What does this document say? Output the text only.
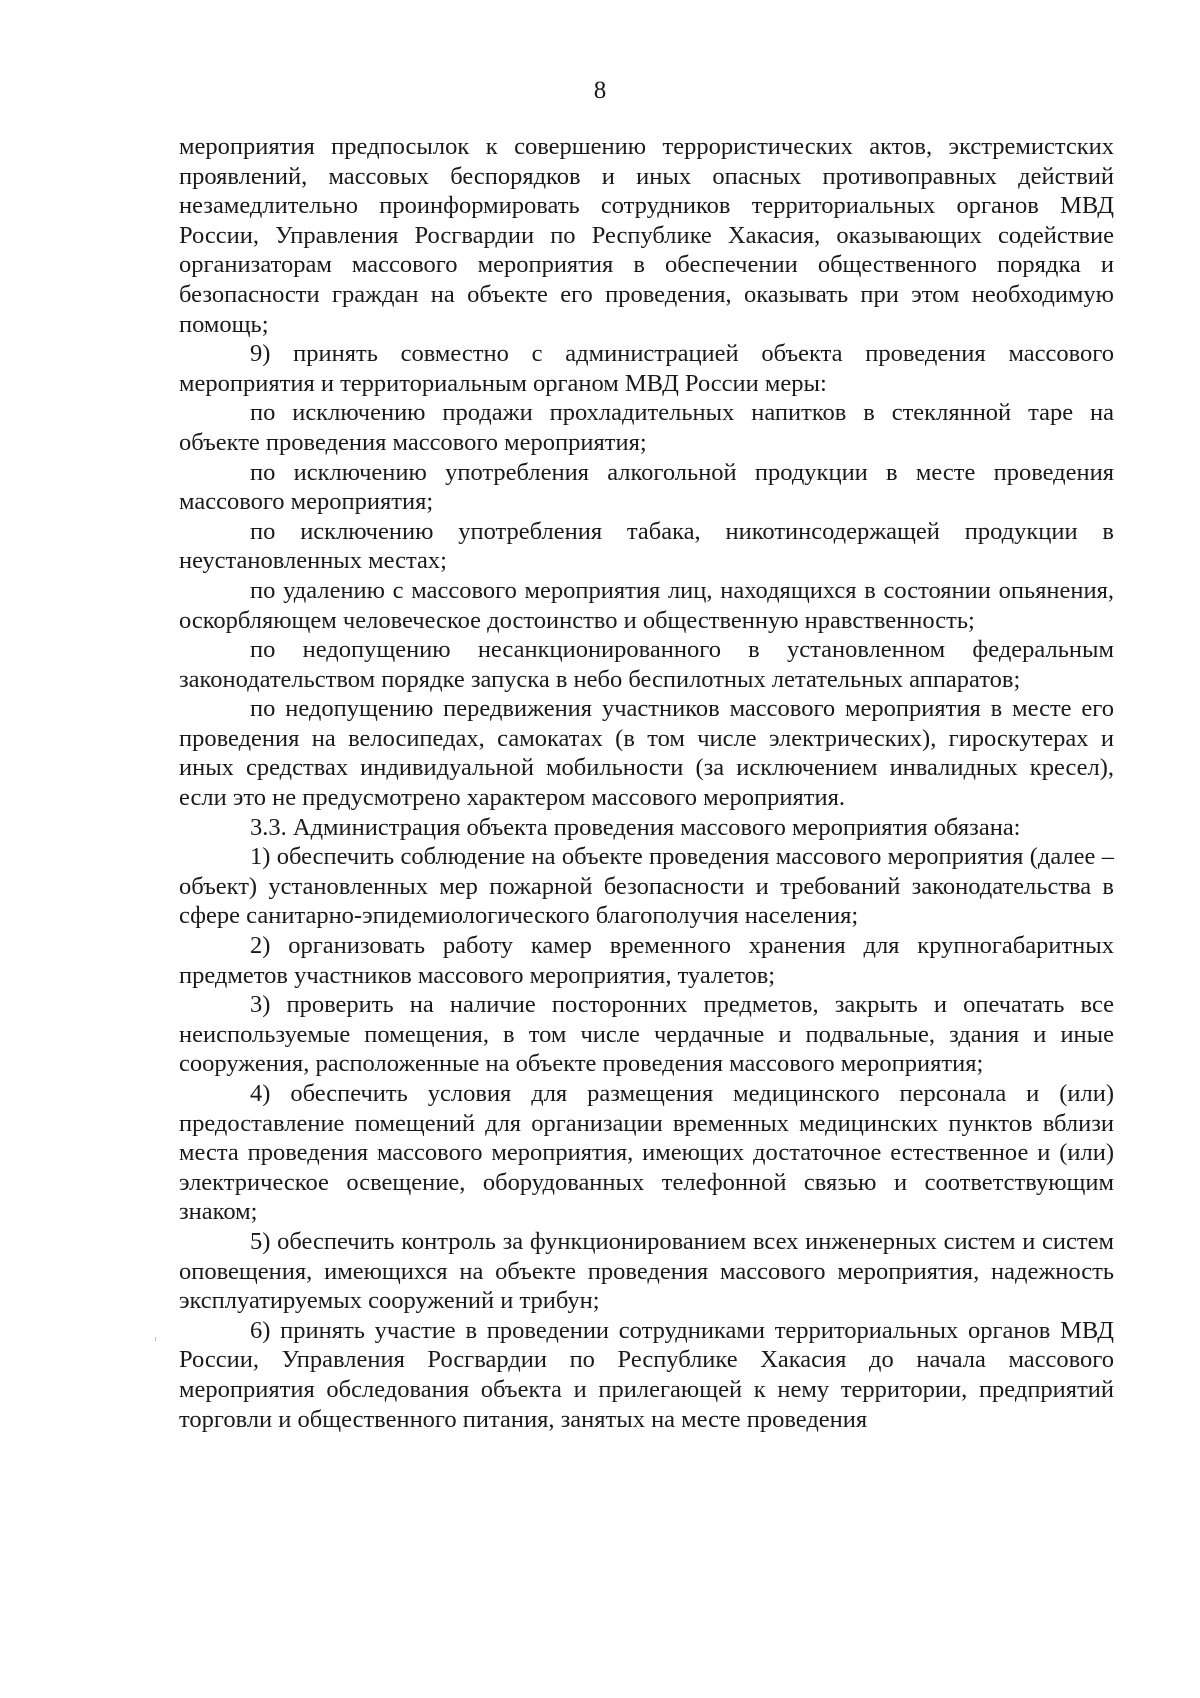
8

мероприятия предпосылок к совершению террористических актов, экстремистских проявлений, массовых беспорядков и иных опасных противоправных действий незамедлительно проинформировать сотрудников территориальных органов МВД России, Управления Росгвардии по Республике Хакасия, оказывающих содействие организаторам массового мероприятия в обеспечении общественного порядка и безопасности граждан на объекте его проведения, оказывать при этом необходимую помощь;

9) принять совместно с администрацией объекта проведения массового мероприятия и территориальным органом МВД России меры:

по исключению продажи прохладительных напитков в стеклянной таре на объекте проведения массового мероприятия;

по исключению употребления алкогольной продукции в месте проведения массового мероприятия;

по исключению употребления табака, никотинсодержащей продукции в неустановленных местах;

по удалению с массового мероприятия лиц, находящихся в состоянии опьянения, оскорбляющем человеческое достоинство и общественную нравственность;

по недопущению несанкционированного в установленном федеральным законодательством порядке запуска в небо беспилотных летательных аппаратов;

по недопущению передвижения участников массового мероприятия в месте его проведения на велосипедах, самокатах (в том числе электрических), гироскутерах и иных средствах индивидуальной мобильности (за исключением инвалидных кресел), если это не предусмотрено характером массового мероприятия.

3.3. Администрация объекта проведения массового мероприятия обязана:

1) обеспечить соблюдение на объекте проведения массового мероприятия (далее – объект) установленных мер пожарной безопасности и требований законодательства в сфере санитарно-эпидемиологического благополучия населения;

2) организовать работу камер временного хранения для крупногабаритных предметов участников массового мероприятия, туалетов;

3) проверить на наличие посторонних предметов, закрыть и опечатать все неиспользуемые помещения, в том числе чердачные и подвальные, здания и иные сооружения, расположенные на объекте проведения массового мероприятия;

4) обеспечить условия для размещения медицинского персонала и (или) предоставление помещений для организации временных медицинских пунктов вблизи места проведения массового мероприятия, имеющих достаточное естественное и (или) электрическое освещение, оборудованных телефонной связью и соответствующим знаком;

5) обеспечить контроль за функционированием всех инженерных систем и систем оповещения, имеющихся на объекте проведения массового мероприятия, надежность эксплуатируемых сооружений и трибун;

6) принять участие в проведении сотрудниками территориальных органов МВД России, Управления Росгвардии по Республике Хакасия до начала массового мероприятия обследования объекта и прилегающей к нему территории, предприятий торговли и общественного питания, занятых на месте проведения
